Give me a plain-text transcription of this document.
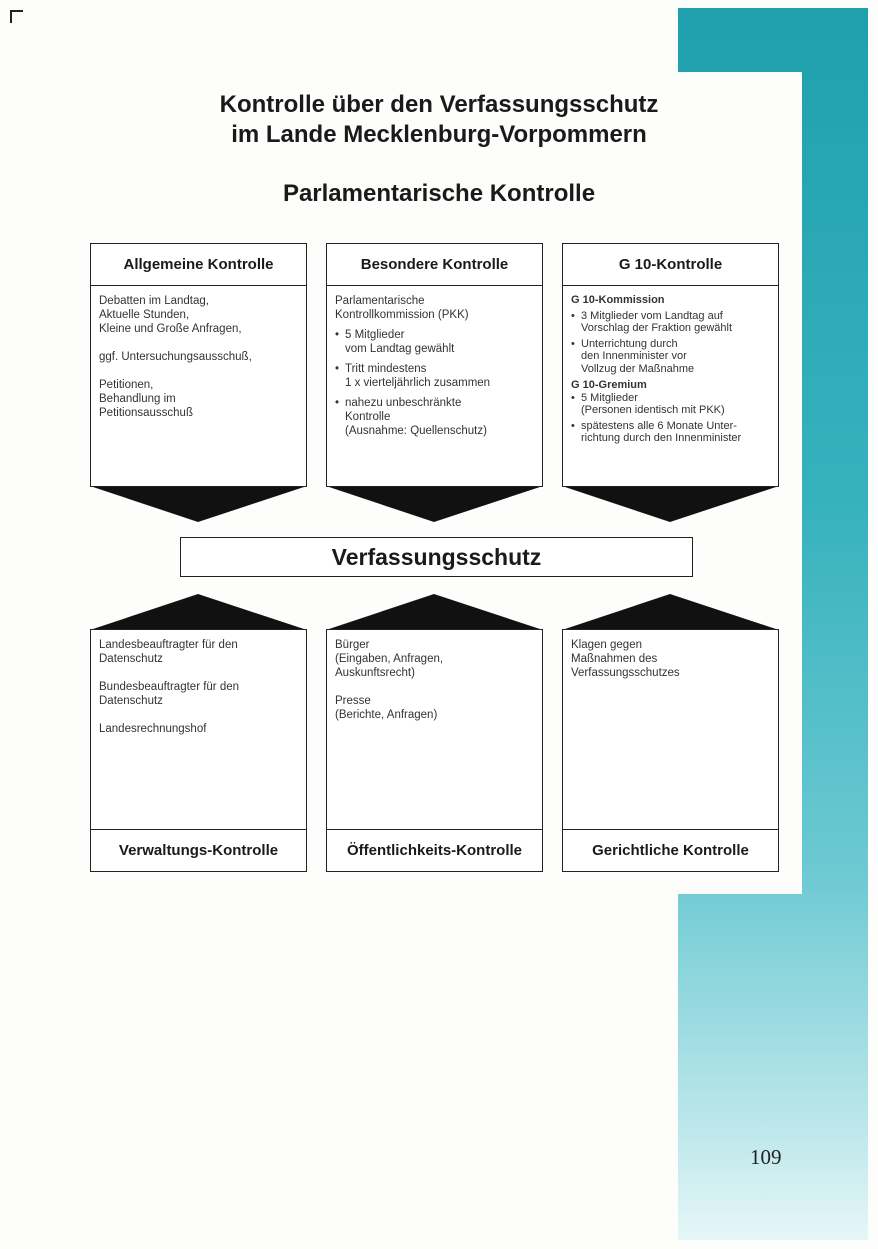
Kontrolle über den Verfassungsschutz
im Lande Mecklenburg-Vorpommern
Parlamentarische Kontrolle
Allgemeine Kontrolle
Debatten im Landtag,
Aktuelle Stunden,
Kleine und Große Anfragen,
ggf. Untersuchungsausschuß,
Petitionen,
Behandlung im
Petitionsausschuß
Besondere Kontrolle
Parlamentarische
Kontrollkommission (PKK)
• 5 Mitglieder
vom Landtag gewählt
• Tritt mindestens
1 x vierteljährlich zusammen
• nahezu unbeschränkte
Kontrolle
(Ausnahme: Quellenschutz)
G 10-Kontrolle
G 10-Kommission
• 3 Mitglieder vom Landtag auf
Vorschlag der Fraktion gewählt
• Unterrichtung durch
den Innenminister vor
Vollzug der Maßnahme
G 10-Gremium
• 5 Mitglieder
(Personen identisch mit PKK)
• spätestens alle 6 Monate Unter-
richtung durch den Innenminister
Verfassungsschutz
Landesbeauftragter für den
Datenschutz
Bundesbeauftragter für den
Datenschutz
Landesrechnungshof
Verwaltungs-Kontrolle
Bürger
(Eingaben, Anfragen,
Auskunftsrecht)
Presse
(Berichte, Anfragen)
Öffentlichkeits-Kontrolle
Klagen gegen
Maßnahmen des
Verfassungsschutzes
Gerichtliche Kontrolle
109
